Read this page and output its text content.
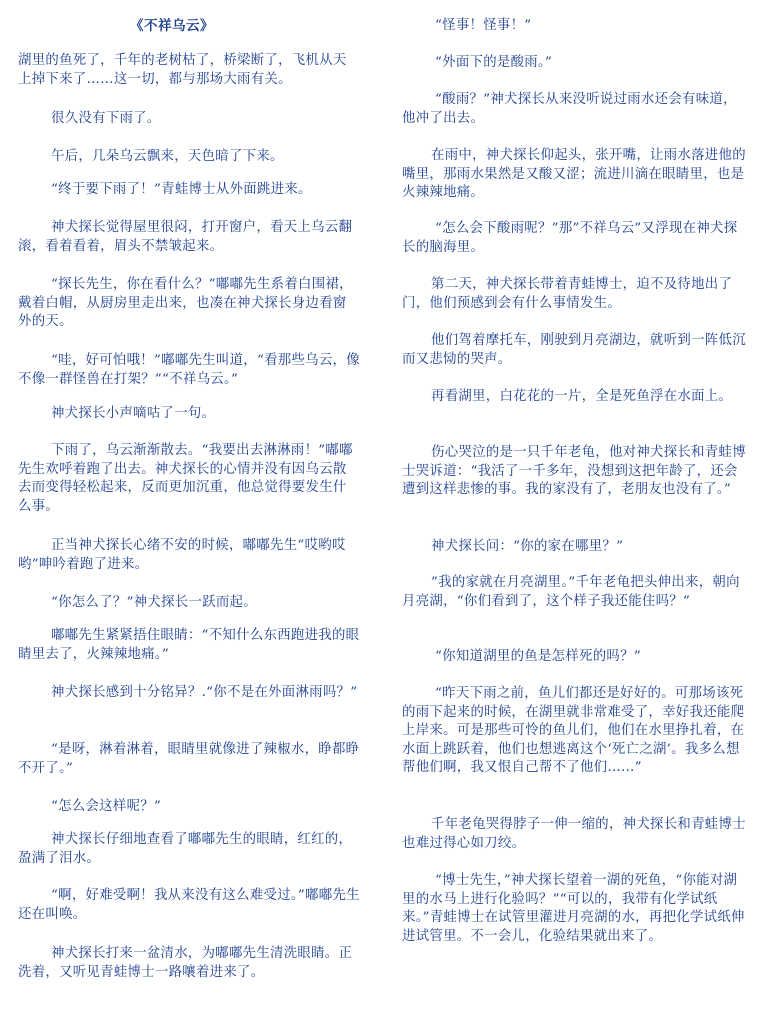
《不祥乌云》

湖里的鱼死了，千年的老树枯了，桥梁断了，飞机从天上掉下来了……这一切，都与那场大雨有关。

很久没有下雨了。

午后，几朵乌云飘来，天色暗了下来。

“终于要下雨了！”青蛙博士从外面跳进来。

神犬探长觉得屋里很闷，打开窗户，看天上乌云翻滚，看着看着，眉头不禁皱起来。

“探长先生，你在看什么？”嘟嘟先生系着白围裙，戴着白帽，从厨房里走出来，也凑在神犬探长身边看窗外的天。

“哇，好可怕哦！”嘟嘟先生叫道，“看那些乌云，像不像一群怪兽在打架？”“不祥乌云。”

神犬探长小声嘀咕了一句。

下雨了，乌云渐渐散去。“我要出去淋淋雨！”嘟嘟先生欢呼着跑了出去。神犬探长的心情并没有因乌云散去而变得轻松起来，反而更加沉重，他总觉得要发生什么事。

正当神犬探长心绪不安的时候，嘟嘟先生“哎哟哎哟”呻吟着跑了进来。

“你怎么了？”神犬探长一跃而起。

嘟嘟先生紧紧捂住眼睛：“不知什么东西跑进我的眼睛里去了，火辣辣地痛。”

神犬探长感到十分铭异？.“你不是在外面淋雨吗？”

“是呀，淋着淋着，眼睛里就像进了辣椒水，睁都睁不开了。”

“怎么会这样呢？”

神犬探长仔细地查看了嘟嘟先生的眼睛，红红的，盈满了泪水。

“啊，好难受啊！我从来没有这么难受过。”嘟嘟先生还在叫唤。

神犬探长打来一盆清水，为嘟嘟先生清洗眼睛。正洗着，又听见青蛙博士一路嚷着进来了。

“怪事！怪事！”

“外面下的是酸雨。”

“酸雨？”神犬探长从来没听说过雨水还会有味道，他冲了出去。

在雨中，神犬探长仰起头，张开嘴，让雨水落进他的嘴里，那雨水果然是又酸又涩；流进川滴在眼睛里，也是火辣辣地痛。

“怎么会下酸雨呢？”那”不祥乌云”又浮现在神犬探长的脑海里。

第二天，神犬探长带着青蛙博士，迫不及待地出了门，他们预感到会有什么事情发生。

他们驾着摩托车，刚驶到月亮湖边，就听到一阵低沉而又悲恸的哭声。

再看湖里，白花花的一片，全是死鱼浮在水面上。

伤心哭泣的是一只千年老龟，他对神犬探长和青蛙博士哭诉道：“我活了一千多年，没想到这把年龄了，还会遭到这样悲惨的事。我的家没有了，老朋友也没有了。”

神犬探长问：“你的家在哪里？”

”我的家就在月亮湖里。”千年老龟把头伸出来，朝向月亮湖，“你们看到了，这个样子我还能住吗？”

“你知道湖里的鱼是怎样死的吗？”

“昨天下雨之前，鱼儿们都还是好好的。可那场该死的雨下起来的时候，在湖里就非常难受了，幸好我还能爬上岸来。可是那些可怜的鱼儿们，他们在水里挣扎着，在水面上跳跃着，他们也想逃离这个‘死亡之湖’。我多么想帮他们啊，我又恨自己帮不了他们……”

千年老龟哭得脖子一伸一缩的，神犬探长和青蛙博士也难过得心如刀绞。

“博士先生，”神犬探长望着一湖的死鱼，“你能对湖里的水马上进行化验吗？”“可以的，我带有化学试纸来。”青蛙博士在试管里灌进月亮湖的水，再把化学试纸伸进试管里。不一会儿，化验结果就出来了。
